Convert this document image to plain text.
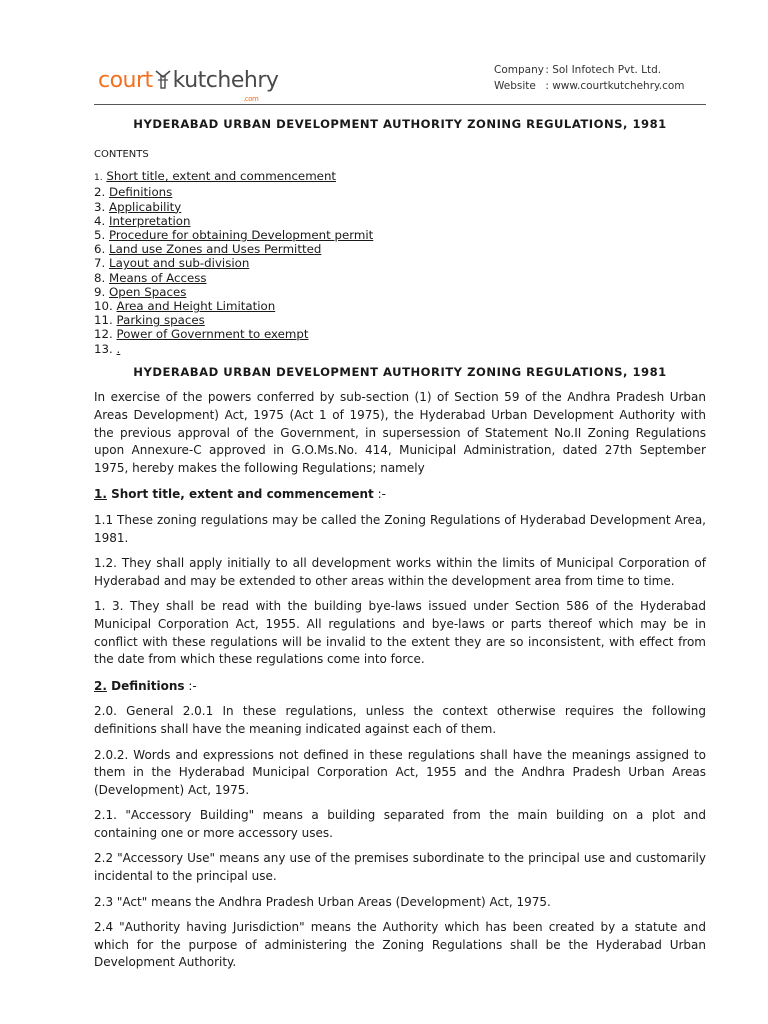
court kutchehry
.com
Company : Sol Infotech Pvt. Ltd.
Website : www.courtkutchehry.com
HYDERABAD URBAN DEVELOPMENT AUTHORITY ZONING REGULATIONS, 1981
CONTENTS
1. Short title, extent and commencement
2. Definitions
3. Applicability
4. Interpretation
5. Procedure for obtaining Development permit
6. Land use Zones and Uses Permitted
7. Layout and sub-division
8. Means of Access
9. Open Spaces
10. Area and Height Limitation
11. Parking spaces
12. Power of Government to exempt
13. .
HYDERABAD URBAN DEVELOPMENT AUTHORITY ZONING REGULATIONS, 1981

In exercise of the powers conferred by sub-section (1) of Section 59 of the Andhra Pradesh Urban Areas Development) Act, 1975 (Act 1 of 1975), the Hyderabad Urban Development Authority with the previous approval of the Government, in supersession of Statement No.II Zoning Regulations upon Annexure-C approved in G.O.Ms.No. 414, Municipal Administration, dated 27th September 1975, hereby makes the following Regulations; namely

1. Short title, extent and commencement :-

1.1 These zoning regulations may be called the Zoning Regulations of Hyderabad Development Area, 1981.

1.2. They shall apply initially to all development works within the limits of Municipal Corporation of Hyderabad and may be extended to other areas within the development area from time to time.

1. 3. They shall be read with the building bye-laws issued under Section 586 of the Hyderabad Municipal Corporation Act, 1955. All regulations and bye-laws or parts thereof which may be in conflict with these regulations will be invalid to the extent they are so inconsistent, with effect from the date from which these regulations come into force.

2. Definitions :-

2.0. General 2.0.1 In these regulations, unless the context otherwise requires the following definitions shall have the meaning indicated against each of them.

2.0.2. Words and expressions not defined in these regulations shall have the meanings assigned to them in the Hyderabad Municipal Corporation Act, 1955 and the Andhra Pradesh Urban Areas (Development) Act, 1975.

2.1. "Accessory Building" means a building separated from the main building on a plot and containing one or more accessory uses.

2.2 "Accessory Use" means any use of the premises subordinate to the principal use and customarily incidental to the principal use.

2.3 "Act" means the Andhra Pradesh Urban Areas (Development) Act, 1975.

2.4 "Authority having Jurisdiction" means the Authority which has been created by a statute and which for the purpose of administering the Zoning Regulations shall be the Hyderabad Urban Development Authority.
